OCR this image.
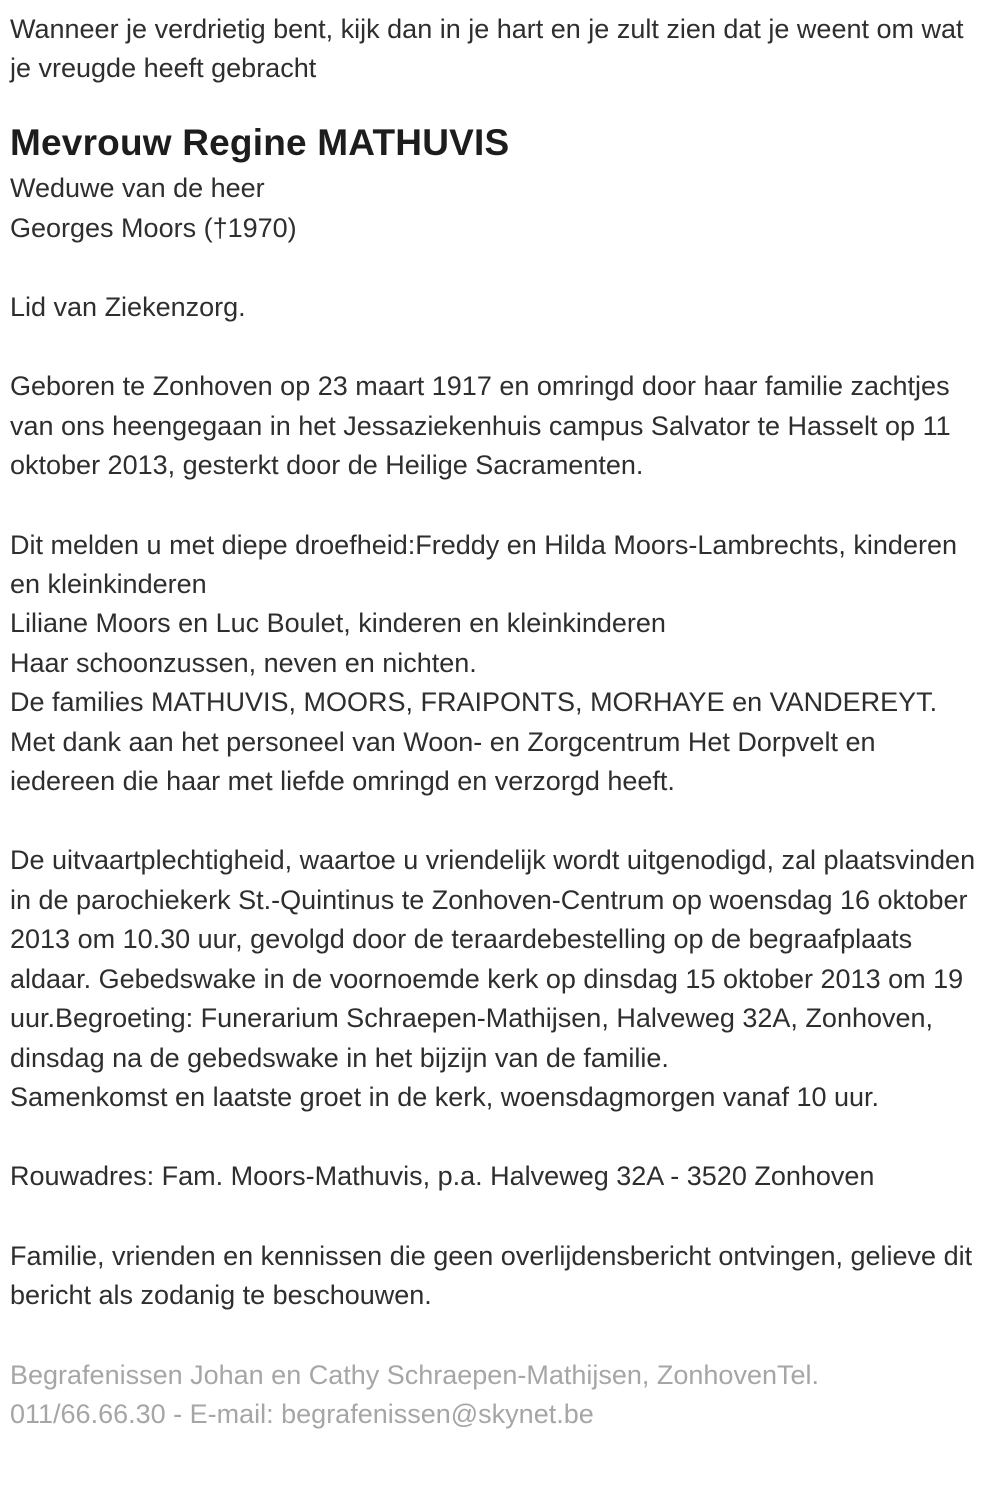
Wanneer je verdrietig bent, kijk dan in je hart en je zult zien dat je weent om wat je vreugde heeft gebracht

Mevrouw Regine MATHUVIS

Weduwe van de heer

Georges Moors (†1970)

Lid van Ziekenzorg.

Geboren te Zonhoven op 23 maart 1917 en omringd door haar familie zachtjes van ons heengegaan in het Jessaziekenhuis campus Salvator te Hasselt op 11 oktober 2013, gesterkt door de Heilige Sacramenten.

Dit melden u met diepe droefheid:Freddy en Hilda Moors-Lambrechts, kinderen en kleinkinderen

Liliane Moors en Luc Boulet, kinderen en kleinkinderen

Haar schoonzussen, neven en nichten.

De families MATHUVIS, MOORS, FRAIPONTS, MORHAYE en VANDEREYT.

Met dank aan het personeel van Woon- en Zorgcentrum Het Dorpvelt en iedereen die haar met liefde omringd en verzorgd heeft.

De uitvaartplechtigheid, waartoe u vriendelijk wordt uitgenodigd, zal plaatsvinden in de parochiekerk St.-Quintinus te Zonhoven-Centrum op woensdag 16 oktober 2013 om 10.30 uur, gevolgd door de teraardebestelling op de begraafplaats aldaar. Gebedswake in de voornoemde kerk op dinsdag 15 oktober 2013 om 19 uur.Begroeting: Funerarium Schraepen-Mathijsen, Halveweg 32A, Zonhoven, dinsdag na de gebedswake in het bijzijn van de familie.

Samenkomst en laatste groet in de kerk, woensdagmorgen vanaf 10 uur.

Rouwadres: Fam. Moors-Mathuvis, p.a. Halveweg 32A - 3520 Zonhoven

Familie, vrienden en kennissen die geen overlijdensbericht ontvingen, gelieve dit bericht als zodanig te beschouwen.

Begrafenissen Johan en Cathy Schraepen-Mathijsen, ZonhovenTel. 011/66.66.30 - E-mail: begrafenissen@skynet.be
